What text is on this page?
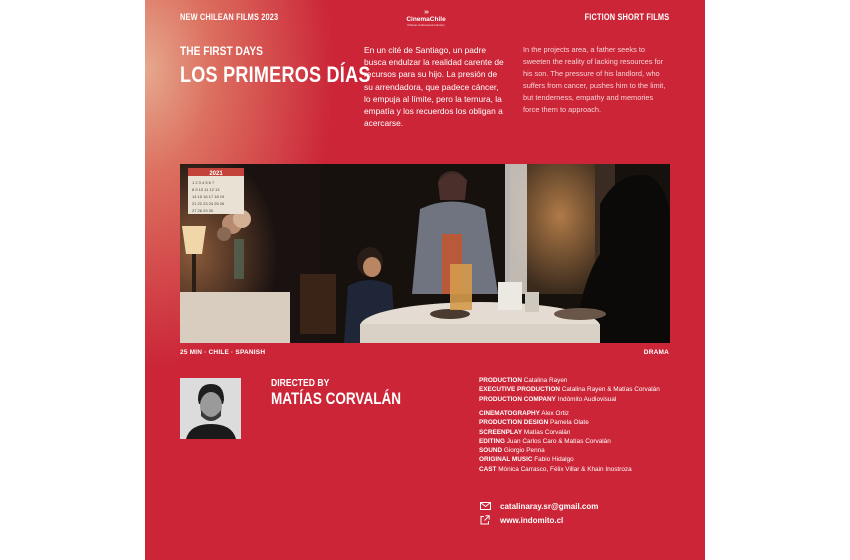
NEW CHILEAN FILMS 2023	›››
CinemaChile
Chilean Audiovisual Industry
FICTION SHORT FILMS
THE FIRST DAYS
LOS PRIMEROS DÍAS
En un cité de Santiago, un padre busca endulzar la realidad carente de recursos para su hijo. La presión de su arrendadora, que padece cáncer, lo empuja al límite, pero la ternura, la empatía y los recuerdos los obligan a acercarse.
In the projects area, a father seeks to sweeten the reality of lacking resources for his son. The pressure of his landlord, who suffers from cancer, pushes him to the limit, but tenderness, empathy and memories force them to approach.
2021
1 2 3 4 5 6 7
8 9 10 11 12 13
14 15 16 17 18 19
21 22 23 24 25 26
27 28 29 30
25 MIN · CHILE · SPANISH	DRAMA
DIRECTED BY
MATÍAS CORVALÁN
PRODUCTION Catalina Rayen
EXECUTIVE PRODUCTION Catalina Rayen & Matías Corvalán
PRODUCTION COMPANY Indómito Audiovisual
CINEMATOGRAPHY Alex Ortiz
PRODUCTION DESIGN Pamela Olate
SCREENPLAY Matías Corvalán
EDITING Juan Carlos Caro & Matías Corvalán
SOUND Giorgio Penna
ORIGINAL MUSIC Fabio Hidalgo
CAST Mónica Carrasco, Félix Villar & Khain Inostroza
catalinaray.sr@gmail.com
www.indomito.cl
